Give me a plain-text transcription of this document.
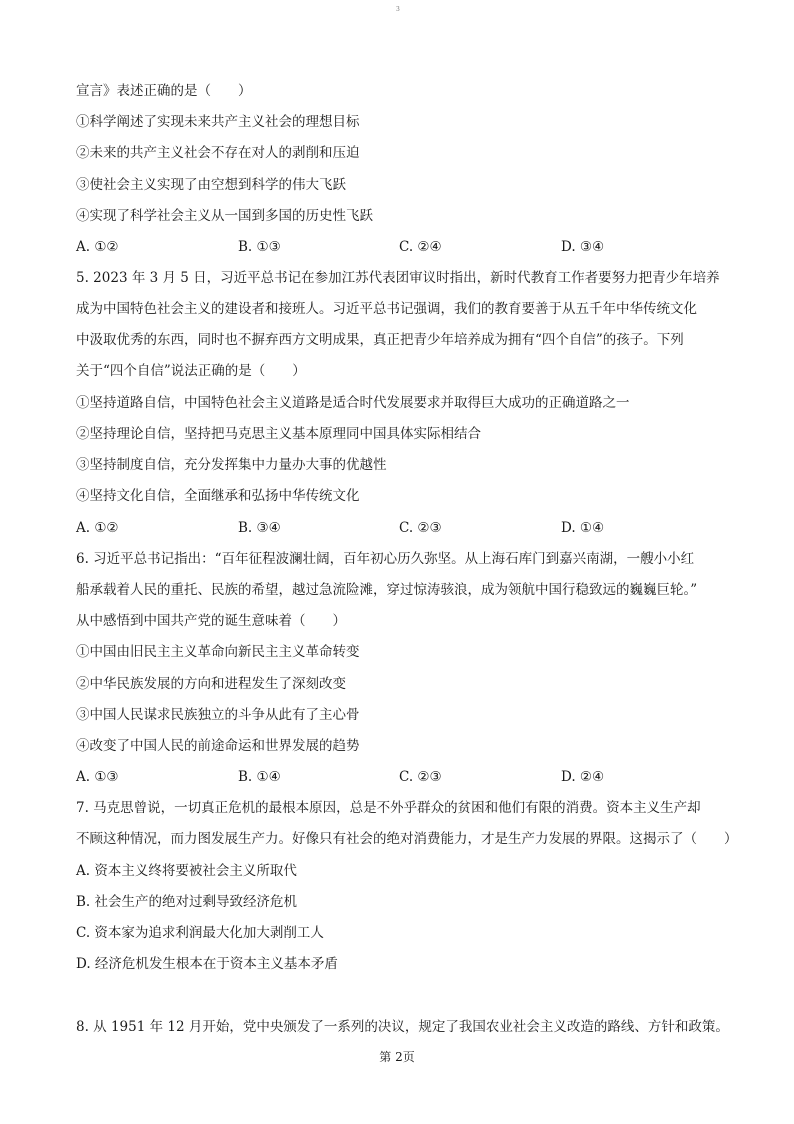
3
宣言》表述正确的是（　　）
①科学阐述了实现未来共产主义社会的理想目标
②未来的共产主义社会不存在对人的剥削和压迫
③使社会主义实现了由空想到科学的伟大飞跃
④实现了科学社会主义从一国到多国的历史性飞跃
A. ①②	B. ①③	C. ②④	D. ③④
5. 2023 年 3 月 5 日，习近平总书记在参加江苏代表团审议时指出，新时代教育工作者要努力把青少年培养
成为中国特色社会主义的建设者和接班人。习近平总书记强调，我们的教育要善于从五千年中华传统文化
中汲取优秀的东西，同时也不摒弃西方文明成果，真正把青少年培养成为拥有“四个自信”的孩子。下列
关于“四个自信”说法正确的是（　　）
①坚持道路自信，中国特色社会主义道路是适合时代发展要求并取得巨大成功的正确道路之一
②坚持理论自信，坚持把马克思主义基本原理同中国具体实际相结合
③坚持制度自信，充分发挥集中力量办大事的优越性
④坚持文化自信，全面继承和弘扬中华传统文化
A. ①②	B. ③④	C. ②③	D. ①④
6. 习近平总书记指出：“百年征程波澜壮阔，百年初心历久弥坚。从上海石库门到嘉兴南湖，一艘小小红
船承载着人民的重托、民族的希望，越过急流险滩，穿过惊涛骇浪，成为领航中国行稳致远的巍巍巨轮。”
从中感悟到中国共产党的诞生意味着（　　）
①中国由旧民主主义革命向新民主主义革命转变
②中华民族发展的方向和进程发生了深刻改变
③中国人民谋求民族独立的斗争从此有了主心骨
④改变了中国人民的前途命运和世界发展的趋势
A. ①③	B. ①④	C. ②③	D. ②④
7. 马克思曾说，一切真正危机的最根本原因，总是不外乎群众的贫困和他们有限的消费。资本主义生产却
不顾这种情况，而力图发展生产力。好像只有社会的绝对消费能力，才是生产力发展的界限。这揭示了（　　）
A. 资本主义终将要被社会主义所取代
B. 社会生产的绝对过剩导致经济危机
C. 资本家为追求利润最大化加大剥削工人
D. 经济危机发生根本在于资本主义基本矛盾
8. 从 1951 年 12 月开始，党中央颁发了一系列的决议，规定了我国农业社会主义改造的路线、方针和政策。
第 2页
